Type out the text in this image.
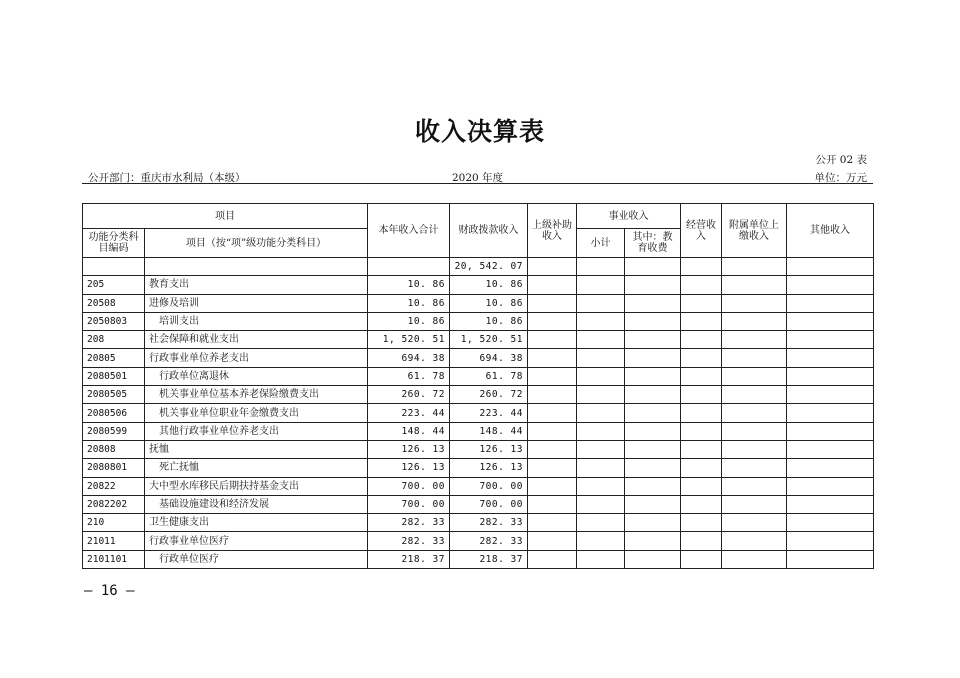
收入决算表
公开 02 表
公开部门：重庆市水利局（本级）	2020 年度	单位：万元
项目		本年收入合计	财政拨款收入	上级补助收入	事业收入		经营收入	附属单位上缴收入	其他收入
功能分类科目编码	项目（按“项”级功能分类科目）				小计	其中：教育收费			
			20, 542. 07						
205	教育支出	10. 86	10. 86						
20508	进修及培训	10. 86	10. 86						
2050803	培训支出	10. 86	10. 86						
208	社会保障和就业支出	1, 520. 51	1, 520. 51						
20805	行政事业单位养老支出	694. 38	694. 38						
2080501	行政单位离退休	61. 78	61. 78						
2080505	机关事业单位基本养老保险缴费支出	260. 72	260. 72						
2080506	机关事业单位职业年金缴费支出	223. 44	223. 44						
2080599	其他行政事业单位养老支出	148. 44	148. 44						
20808	抚恤	126. 13	126. 13						
2080801	死亡抚恤	126. 13	126. 13						
20822	大中型水库移民后期扶持基金支出	700. 00	700. 00						
2082202	基础设施建设和经济发展	700. 00	700. 00						
210	卫生健康支出	282. 33	282. 33						
21011	行政事业单位医疗	282. 33	282. 33						
2101101	行政单位医疗	218. 37	218. 37						
— 16 —
